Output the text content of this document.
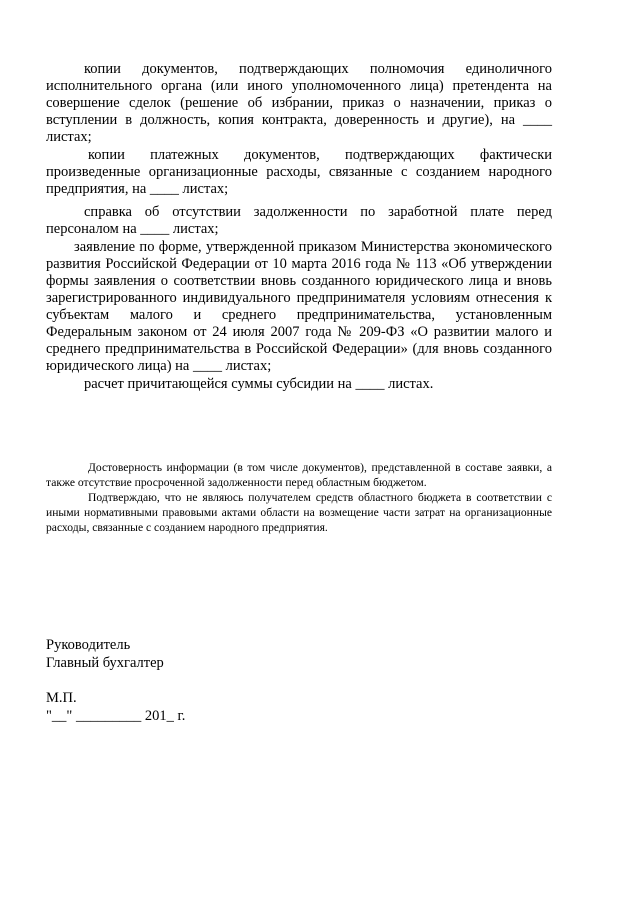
копии документов, подтверждающих полномочия единоличного исполнительного органа (или иного уполномоченного лица) претендента на совершение сделок (решение об избрании, приказ о назначении, приказ о вступлении в должность, копия контракта, доверенность и другие), на ____ листах;

копии платежных документов, подтверждающих фактически произведенные организационные расходы, связанные с созданием народного предприятия, на ____ листах;

справка об отсутствии задолженности по заработной плате перед персоналом на ____ листах;

заявление по форме, утвержденной приказом Министерства экономического развития Российской Федерации от 10 марта 2016 года № 113 «Об утверждении формы заявления о соответствии вновь созданного юридического лица и вновь зарегистрированного индивидуального предпринимателя условиям отнесения к субъектам малого и среднего предпринимательства, установленным Федеральным законом от 24 июля 2007 года № 209-ФЗ «О развитии малого и среднего предпринимательства в Российской Федерации» (для вновь созданного юридического лица) на ____ листах;

расчет причитающейся суммы субсидии на ____ листах.

Достоверность информации (в том числе документов), представленной в составе заявки, а также отсутствие просроченной задолженности перед областным бюджетом.

Подтверждаю, что не являюсь получателем средств областного бюджета в соответствии с иными нормативными правовыми актами области на возмещение части затрат на организационные расходы, связанные с созданием народного предприятия.

Руководитель
Главный бухгалтер
М.П.
"__" _________ 201_ г.
